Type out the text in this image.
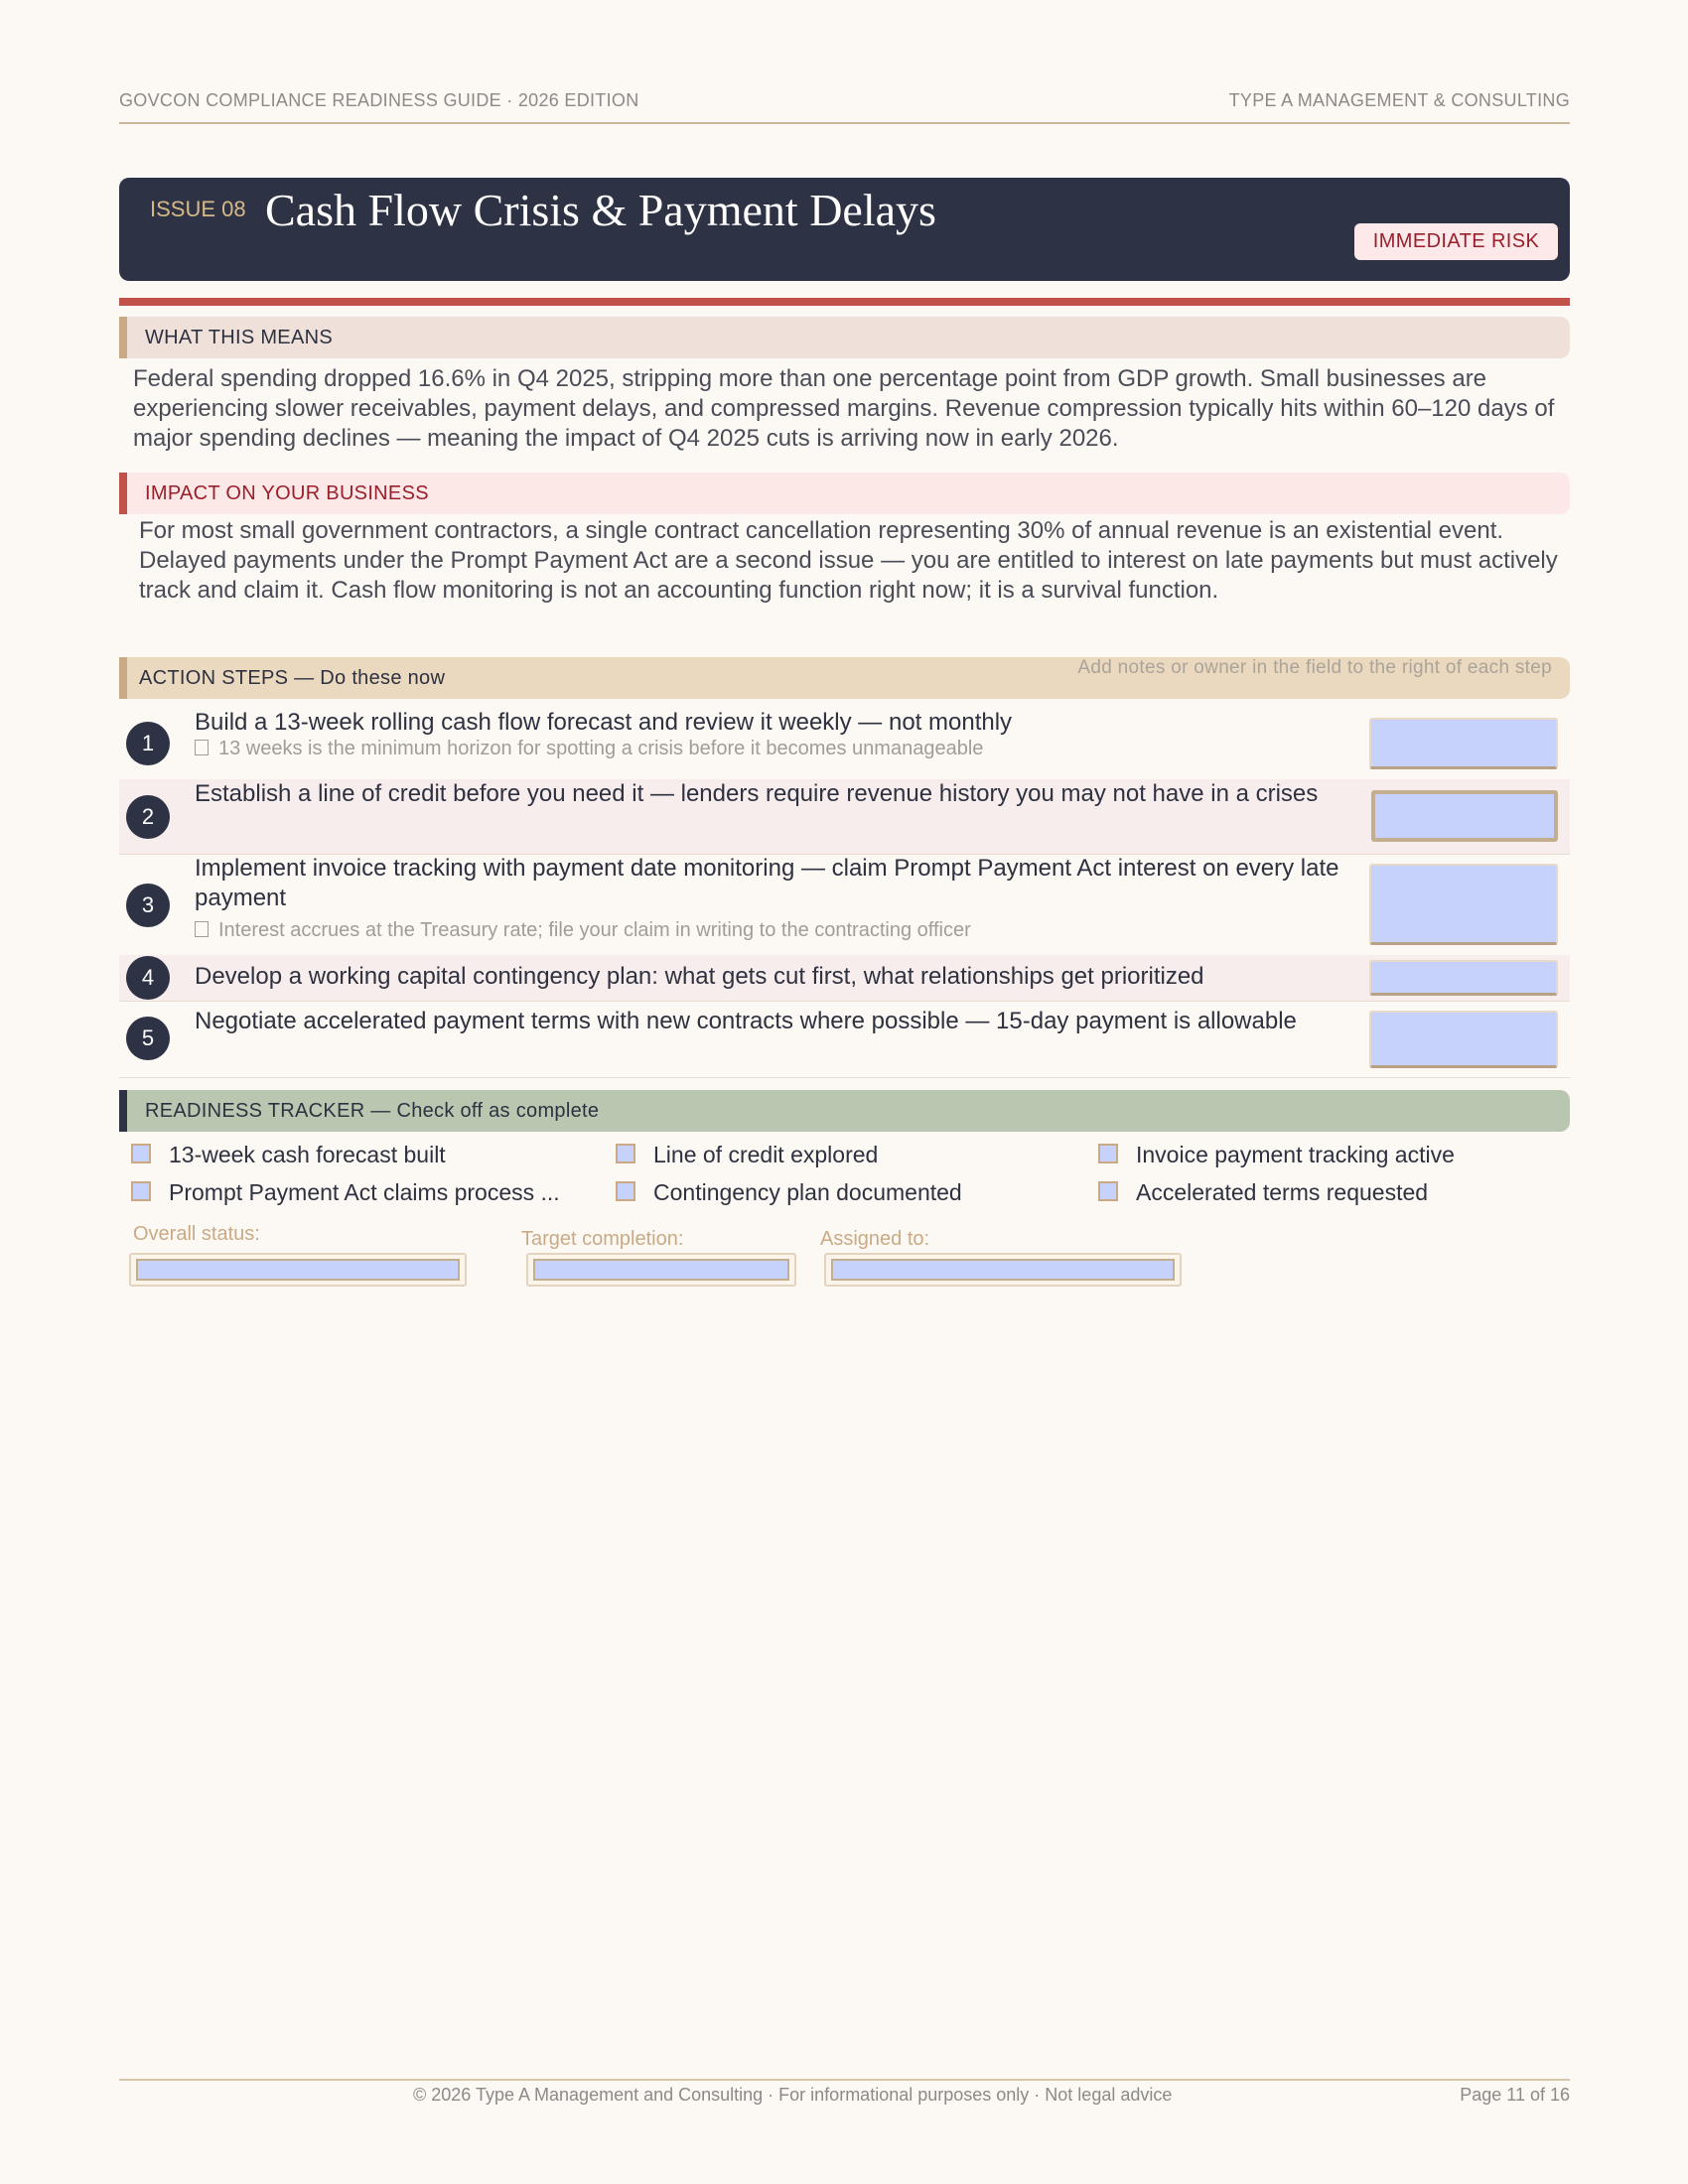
GOVCON COMPLIANCE READINESS GUIDE · 2026 EDITION	TYPE A MANAGEMENT & CONSULTING
ISSUE 08 Cash Flow Crisis & Payment Delays
IMMEDIATE RISK
WHAT THIS MEANS
Federal spending dropped 16.6% in Q4 2025, stripping more than one percentage point from GDP growth. Small businesses are experiencing slower receivables, payment delays, and compressed margins. Revenue compression typically hits within 60–120 days of major spending declines — meaning the impact of Q4 2025 cuts is arriving now in early 2026.
IMPACT ON YOUR BUSINESS
For most small government contractors, a single contract cancellation representing 30% of annual revenue is an existential event. Delayed payments under the Prompt Payment Act are a second issue — you are entitled to interest on late payments but must actively track and claim it. Cash flow monitoring is not an accounting function right now; it is a survival function.
ACTION STEPS — Do these now	Add notes or owner in the field to the right of each step
1
Build a 13-week rolling cash flow forecast and review it weekly — not monthly
13 weeks is the minimum horizon for spotting a crisis before it becomes unmanageable
2
Establish a line of credit before you need it — lenders require revenue history you may not have in a crises
3
Implement invoice tracking with payment date monitoring — claim Prompt Payment Act interest on every late payment
Interest accrues at the Treasury rate; file your claim in writing to the contracting officer
4	Develop a working capital contingency plan: what gets cut first, what relationships get prioritized
5
Negotiate accelerated payment terms with new contracts where possible — 15-day payment is allowable
READINESS TRACKER — Check off as complete
13-week cash forecast built	Line of credit explored	Invoice payment tracking active
Prompt Payment Act claims process ...	Contingency plan documented	Accelerated terms requested
Overall status:	Target completion:	Assigned to:
© 2026 Type A Management and Consulting · For informational purposes only · Not legal advice	Page 11 of 16
